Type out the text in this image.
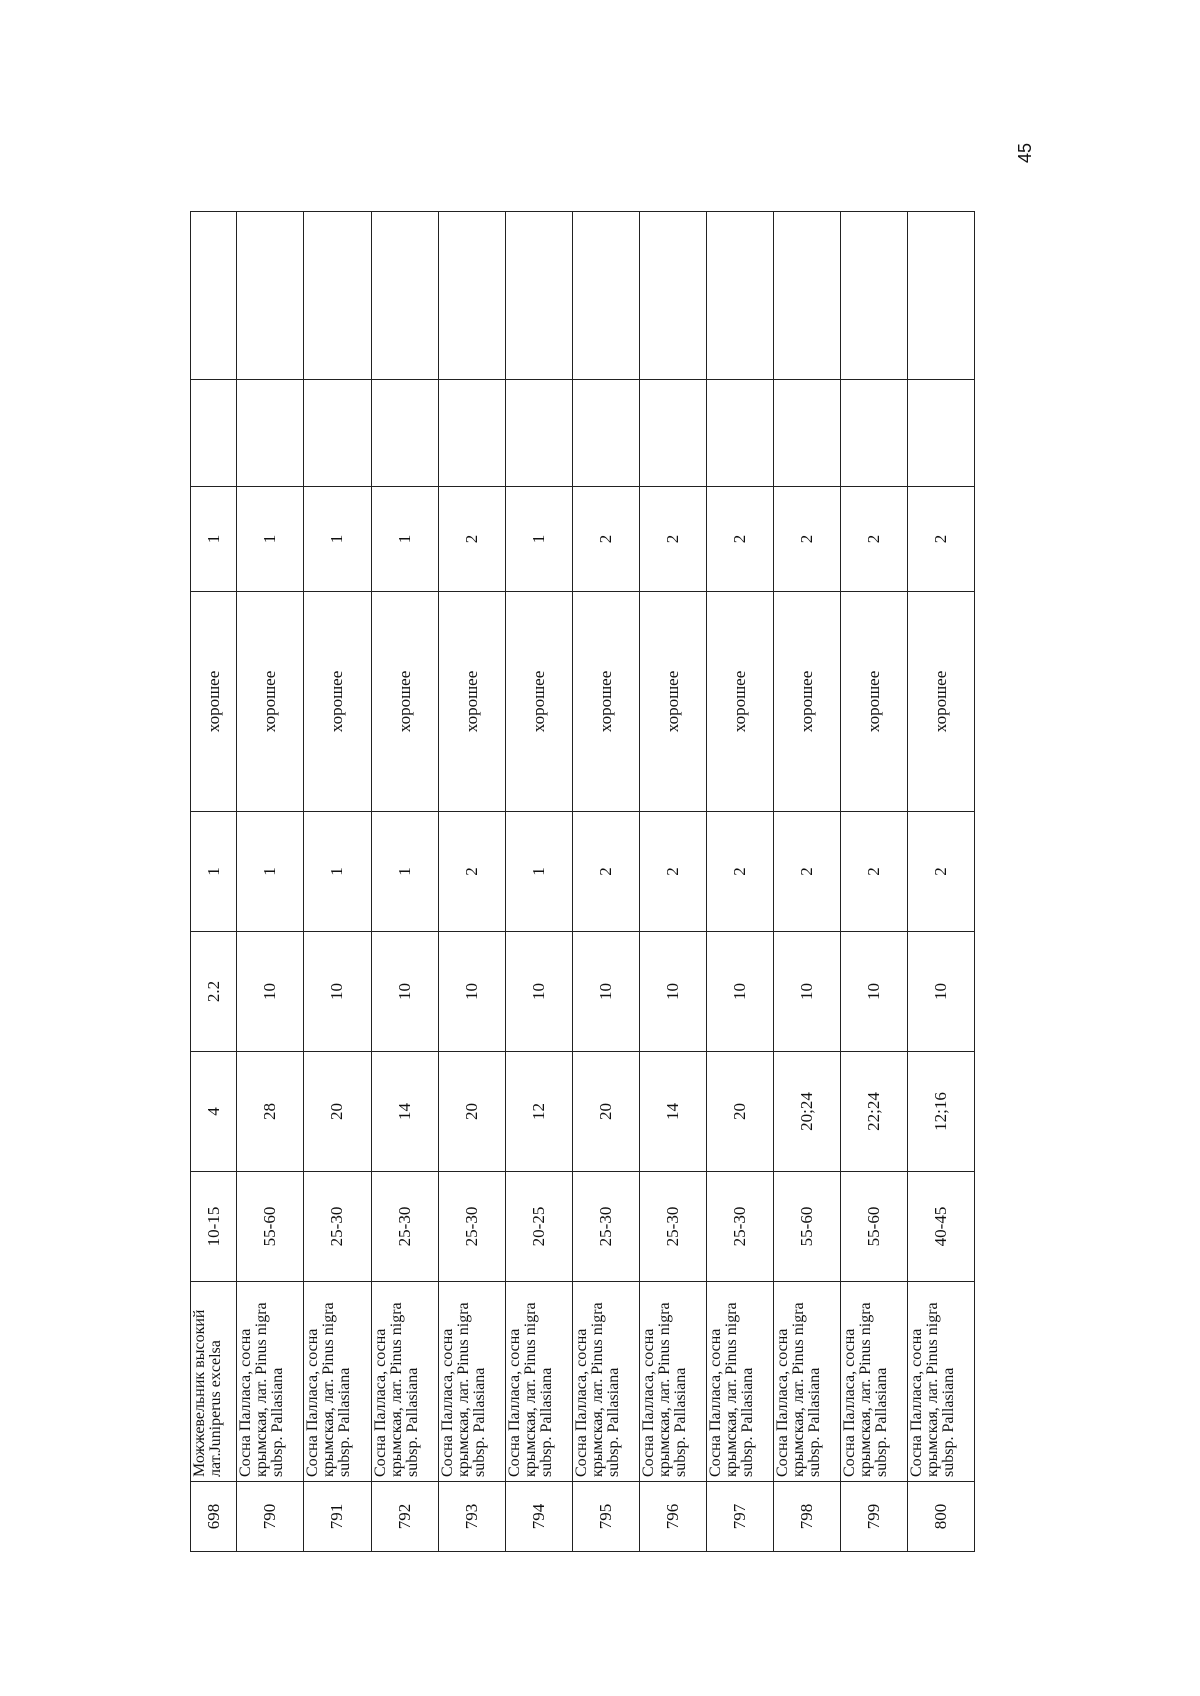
45
698	Можжевельник высокий лат.Juniperus excelsa	10-15	4	2.2	1	хорошее	1		
790	Сосна Палласа, сосна крымская, лат. Pinus nigra subsp. Pallasiana	55-60	28	10	1	хорошее	1		
791	Сосна Палласа, сосна крымская, лат. Pinus nigra subsp. Pallasiana	25-30	20	10	1	хорошее	1		
792	Сосна Палласа, сосна крымская, лат. Pinus nigra subsp. Pallasiana	25-30	14	10	1	хорошее	1		
793	Сосна Палласа, сосна крымская, лат. Pinus nigra subsp. Pallasiana	25-30	20	10	2	хорошее	2		
794	Сосна Палласа, сосна крымская, лат. Pinus nigra subsp. Pallasiana	20-25	12	10	1	хорошее	1		
795	Сосна Палласа, сосна крымская, лат. Pinus nigra subsp. Pallasiana	25-30	20	10	2	хорошее	2		
796	Сосна Палласа, сосна крымская, лат. Pinus nigra subsp. Pallasiana	25-30	14	10	2	хорошее	2		
797	Сосна Палласа, сосна крымская, лат. Pinus nigra subsp. Pallasiana	25-30	20	10	2	хорошее	2		
798	Сосна Палласа, сосна крымская, лат. Pinus nigra subsp. Pallasiana	55-60	20;24	10	2	хорошее	2		
799	Сосна Палласа, сосна крымская, лат. Pinus nigra subsp. Pallasiana	55-60	22;24	10	2	хорошее	2		
800	Сосна Палласа, сосна крымская, лат. Pinus nigra subsp. Pallasiana	40-45	12;16	10	2	хорошее	2		
